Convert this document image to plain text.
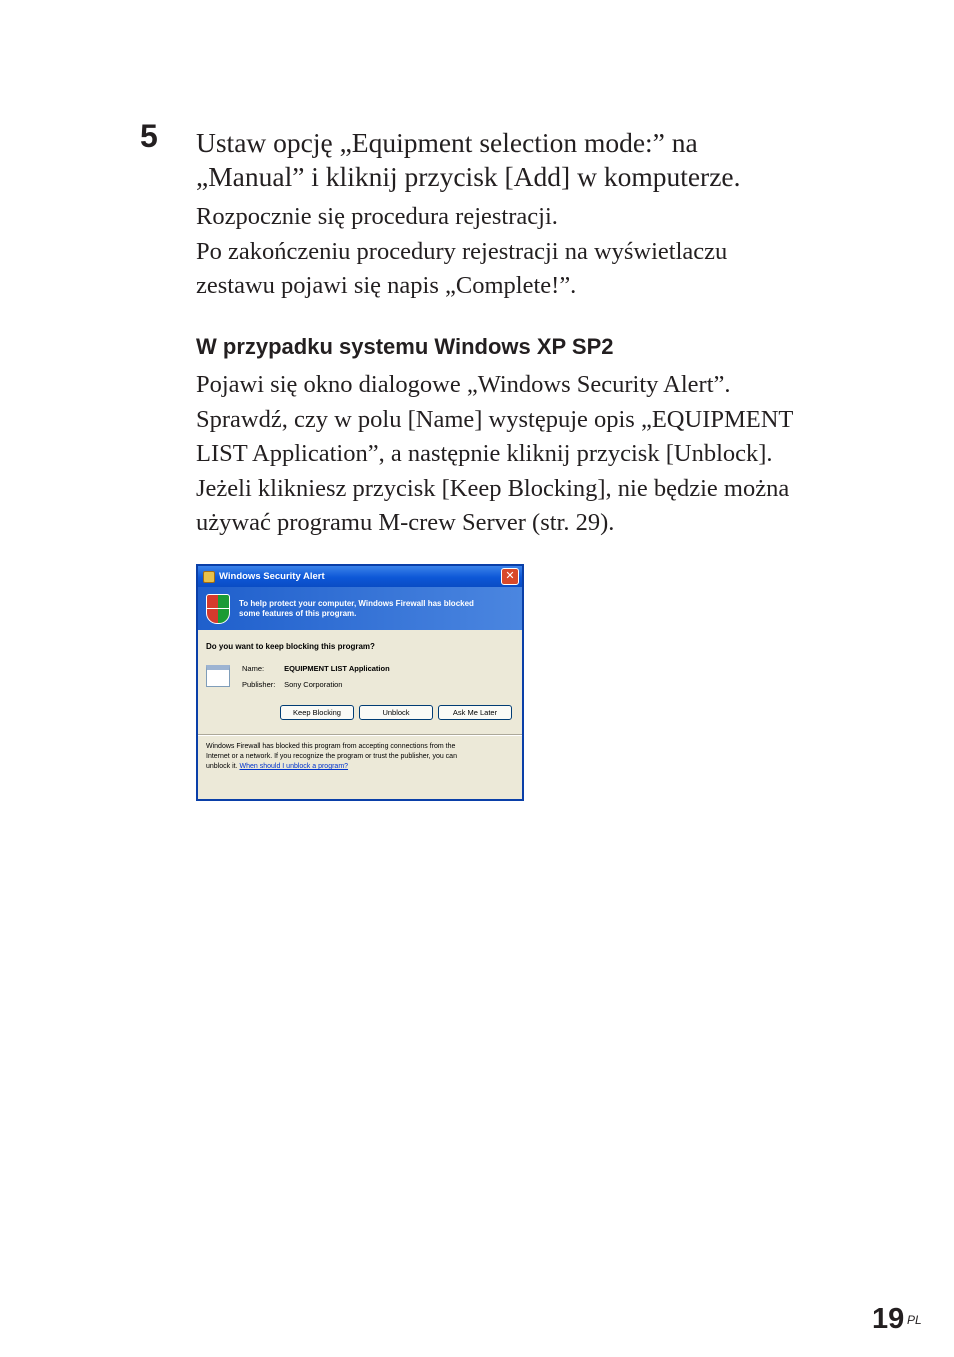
5 Ustaw opcję „Equipment selection mode:” na
„Manual” i kliknij przycisk [Add] w komputerze.
Rozpocznie się procedura rejestracji.
Po zakończeniu procedury rejestracji na wyświetlaczu
zestawu pojawi się napis „Complete!”.
W przypadku systemu Windows XP SP2
Pojawi się okno dialogowe „Windows Security Alert”.
Sprawdź, czy w polu [Name] występuje opis „EQUIPMENT
LIST Application”, a następnie kliknij przycisk [Unblock].
Jeżeli klikniesz przycisk [Keep Blocking], nie będzie można
używać programu M-crew Server (str. 29).
Windows Security Alert	✕
To help protect your computer, Windows Firewall has blocked
some features of this program.
Do you want to keep blocking this program?
Name:	EQUIPMENT LIST Application
Publisher: Sony Corporation
Keep Blocking	Unblock	Ask Me Later
Windows Firewall has blocked this program from accepting connections from the
Internet or a network. If you recognize the program or trust the publisher, you can
unblock it. When should I unblock a program?
19 PL
